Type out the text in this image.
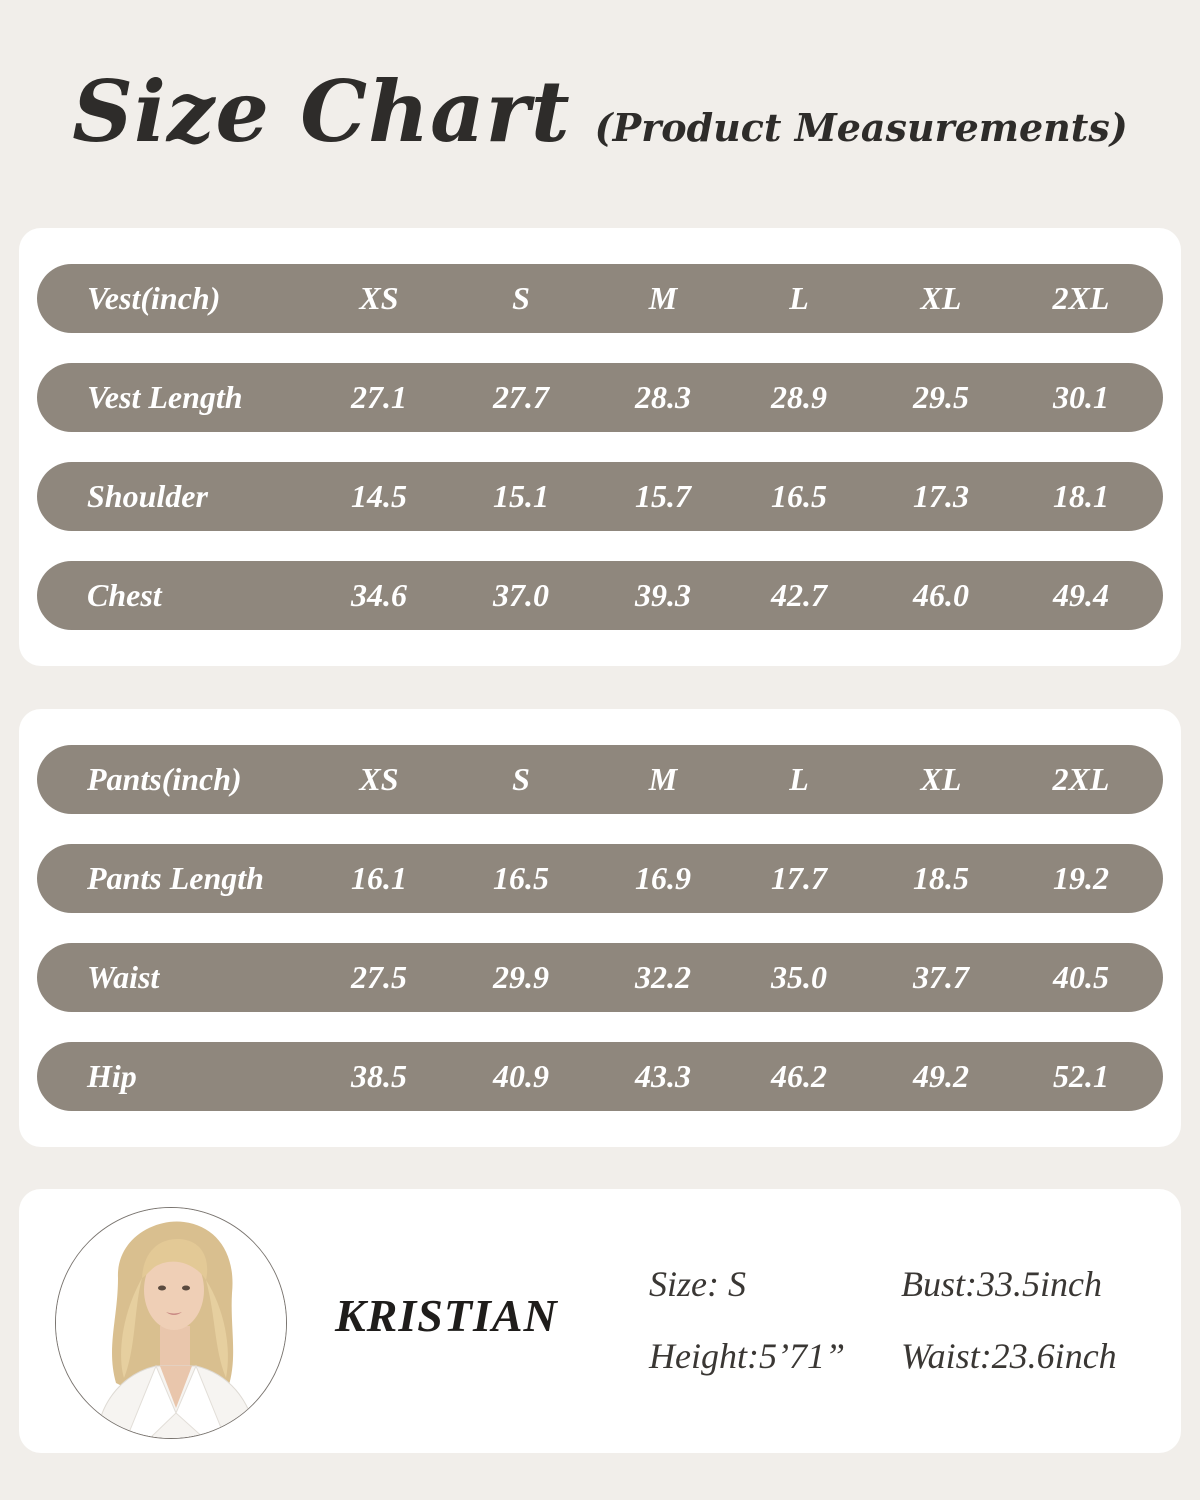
Size Chart (Product Measurements)
Vest(inch)	XS	S	M	L	XL	2XL
Vest Length	27.1	27.7	28.3	28.9	29.5	30.1
Shoulder	14.5	15.1	15.7	16.5	17.3	18.1
Chest	34.6	37.0	39.3	42.7	46.0	49.4
Pants(inch)	XS	S	M	L	XL	2XL
Pants Length	16.1	16.5	16.9	17.7	18.5	19.2
Waist	27.5	29.9	32.2	35.0	37.7	40.5
Hip	38.5	40.9	43.3	46.2	49.2	52.1
KRISTIAN
Size: S	Bust:33.5inch
Height:5’71” Waist:23.6inch
